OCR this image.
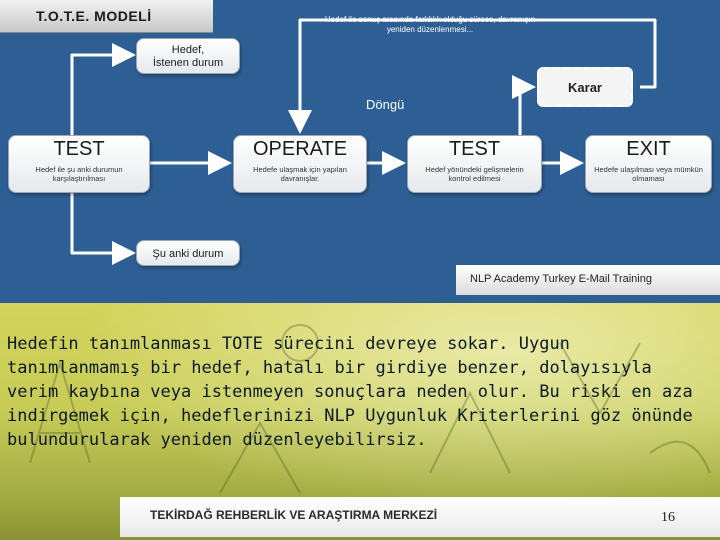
T.O.T.E. MODELİ	Hedef ile sonuç arasında farklılık olduğu sürece, davranışın yeniden düzenlenmesi...
Hedef,
İstenen durum
Şu anki durum
Döngü
Karar
TEST
Hedef ile şu anki durumun karşılaştırılması
OPERATE
Hedefe ulaşmak için yapılan davranışlar.
TEST
Hedef yönündeki gelişmelerin kontrol edilmesi
EXIT
Hedefe ulaşılması veya mümkün olmaması
NLP Academy Turkey E-Mail Training
Hedefin tanımlanması TOTE sürecini devreye sokar. Uygun tanımlanmamış bir hedef, hatalı bir girdiye benzer, dolayısıyla verim kaybına veya istenmeyen sonuçlara neden olur. Bu riski en aza indirgemek için, hedeflerinizi NLP Uygunluk Kriterlerini göz önünde bulundurularak yeniden düzenleyebilirsiz.
TEKİRDAĞ REHBERLİK VE ARAŞTIRMA MERKEZİ	16
